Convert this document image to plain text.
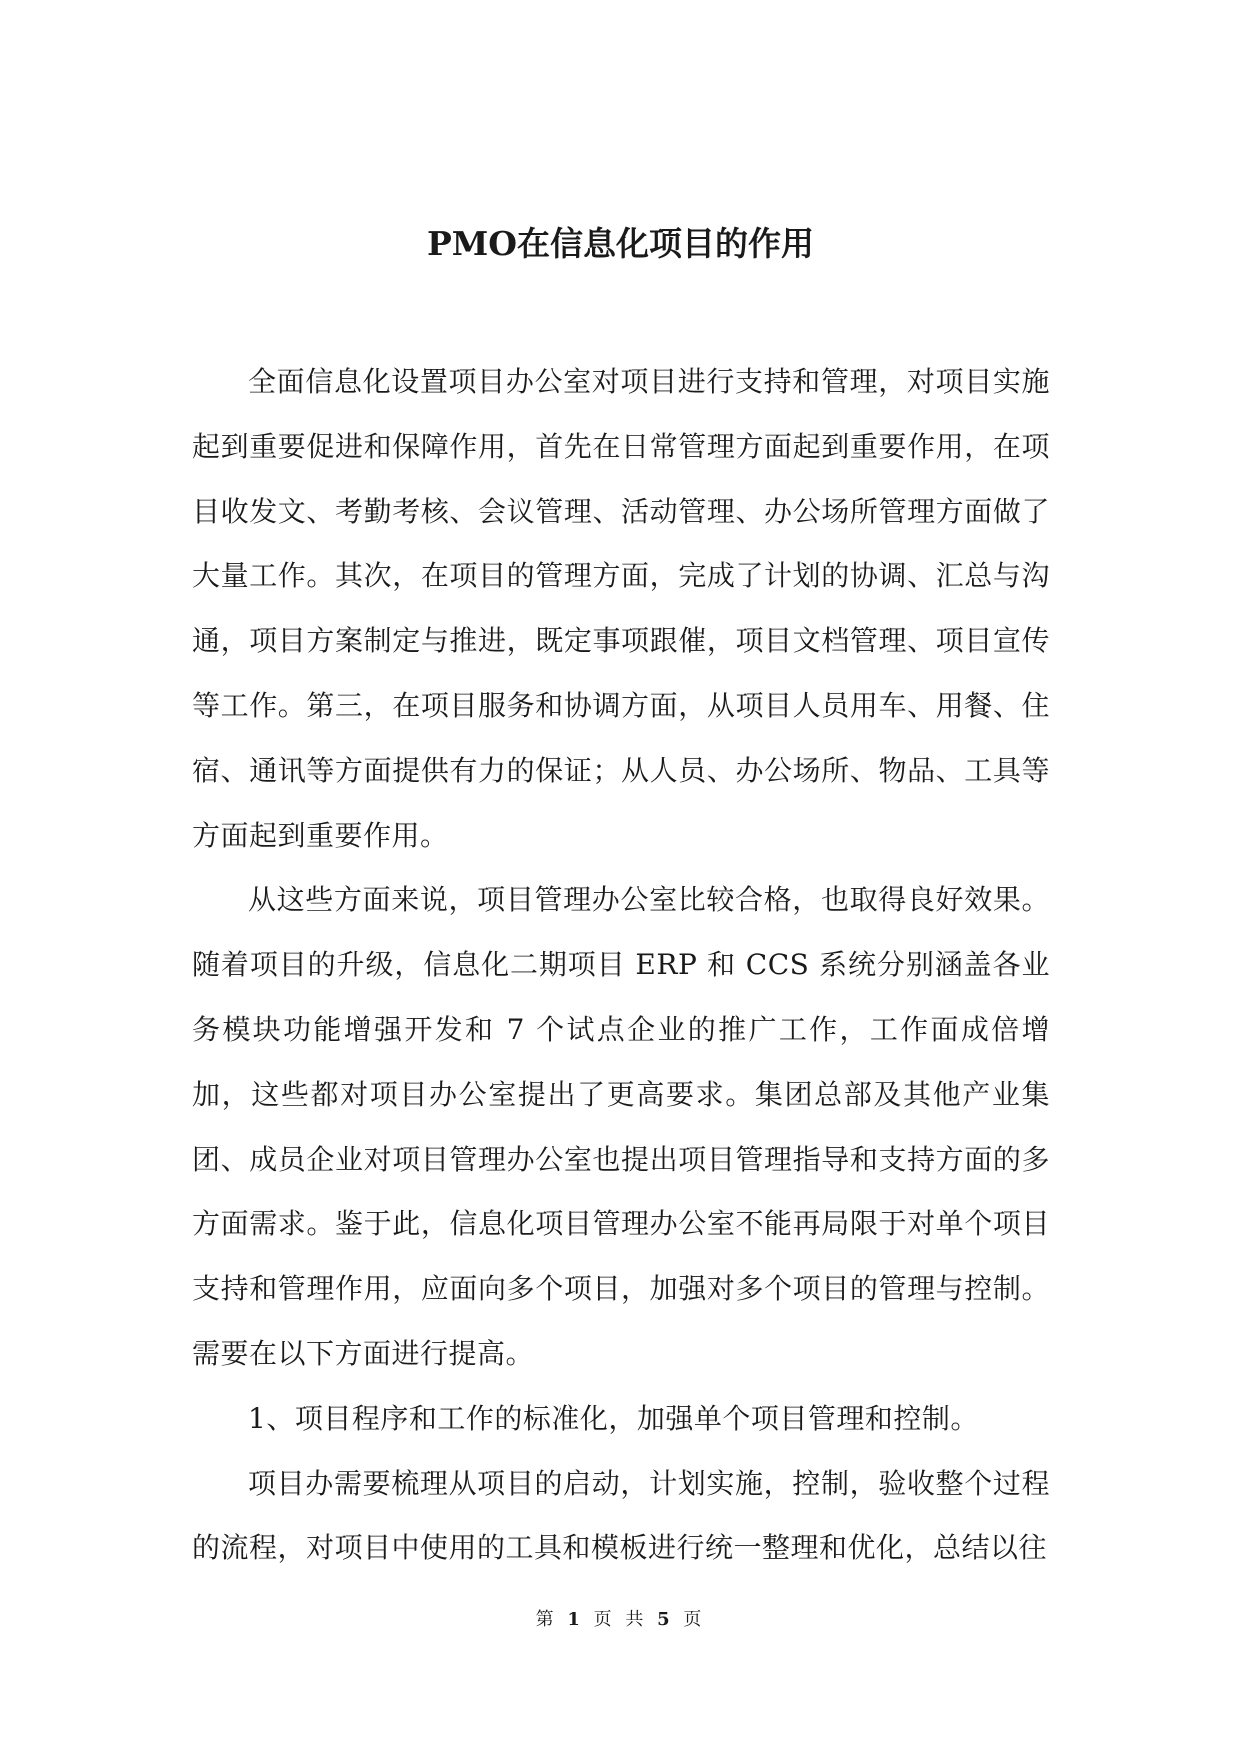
PMO在信息化项目的作用

全面信息化设置项目办公室对项目进行支持和管理，对项目实施起到重要促进和保障作用，首先在日常管理方面起到重要作用，在项目收发文、考勤考核、会议管理、活动管理、办公场所管理方面做了大量工作。其次，在项目的管理方面，完成了计划的协调、汇总与沟通，项目方案制定与推进，既定事项跟催，项目文档管理、项目宣传等工作。第三，在项目服务和协调方面，从项目人员用车、用餐、住宿、通讯等方面提供有力的保证；从人员、办公场所、物品、工具等方面起到重要作用。

从这些方面来说，项目管理办公室比较合格，也取得良好效果。随着项目的升级，信息化二期项目 ERP 和 CCS 系统分别涵盖各业务模块功能增强开发和 7 个试点企业的推广工作，工作面成倍增加，这些都对项目办公室提出了更高要求。集团总部及其他产业集团、成员企业对项目管理办公室也提出项目管理指导和支持方面的多方面需求。鉴于此，信息化项目管理办公室不能再局限于对单个项目支持和管理作用，应面向多个项目，加强对多个项目的管理与控制。需要在以下方面进行提高。

1、项目程序和工作的标准化，加强单个项目管理和控制。

项目办需要梳理从项目的启动，计划实施，控制，验收整个过程的流程，对项目中使用的工具和模板进行统一整理和优化，总结以往

第 1 页 共 5 页
